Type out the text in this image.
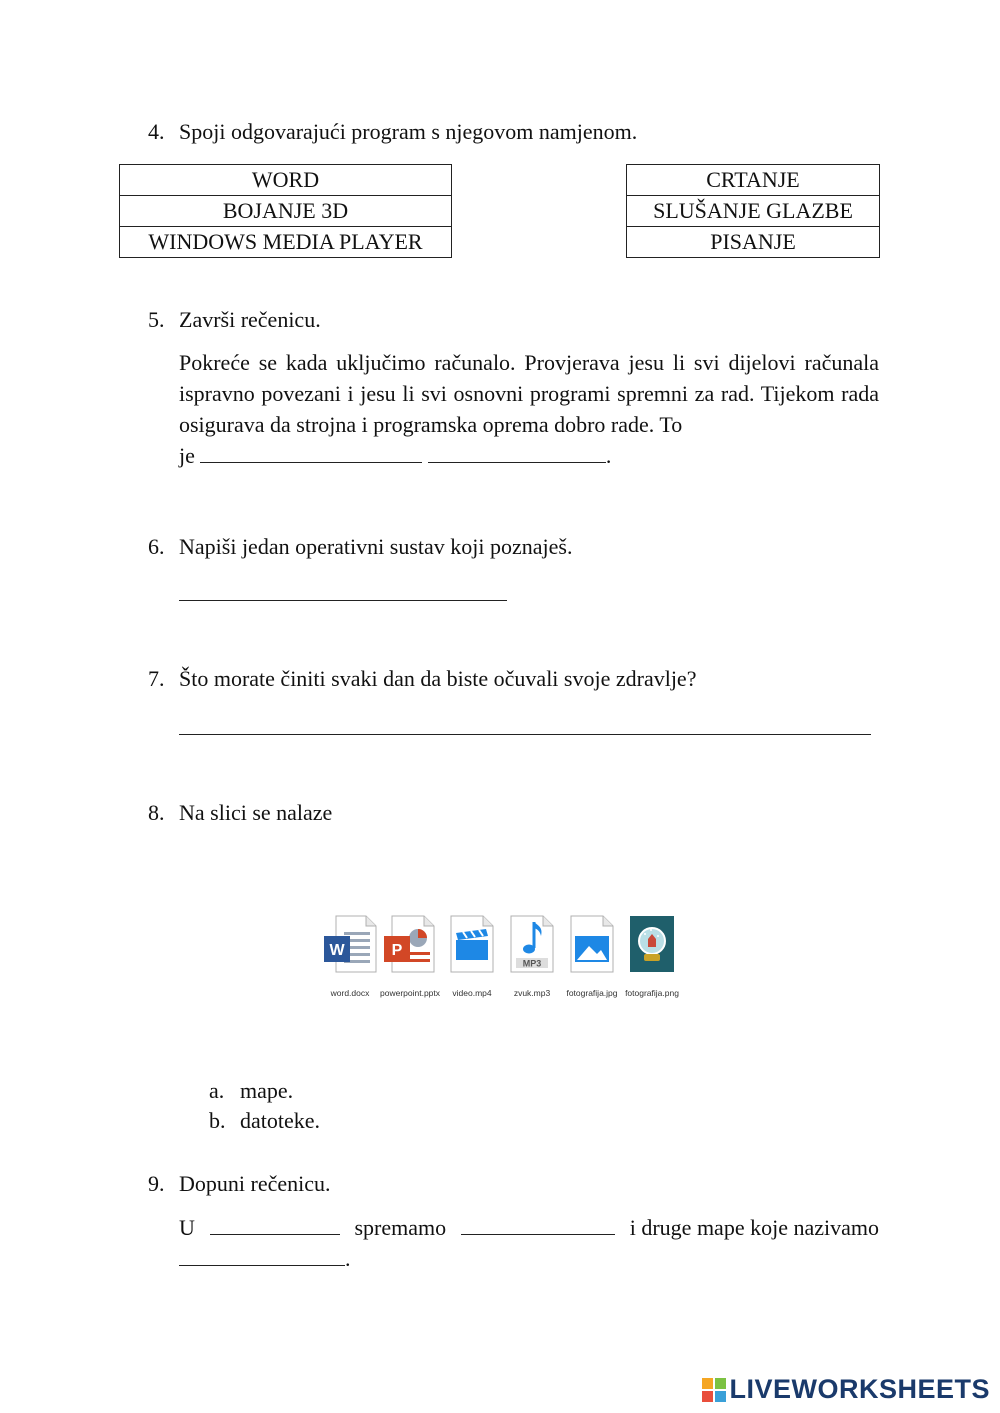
4. Spoji odgovarajući program s njegovom namjenom.
WORD
BOJANJE 3D
WINDOWS MEDIA PLAYER
CRTANJE
SLUŠANJE GLAZBE
PISANJE
5. Završi rečenicu.

Pokreće se kada uključimo računalo. Provjerava jesu li svi dijelovi računala ispravno povezani i jesu li svi osnovni programi spremni za rad. Tijekom rada osigurava da strojna i programska oprema dobro rade. To

je	.

6. Napiši jedan operativni sustav koji poznaješ.
7. Što morate činiti svaki dan da biste očuvali svoje zdravlje?
8. Na slici se nalaze
W
word.docx
P
powerpoint.pptx	video.mp4
MP3
zvuk.mp3	fotografija.jpg fotografija.png
a. mape.
b. datoteke.
9. Dopuni rečenicu.

U	spremamo	i druge mape koje nazivamo

.

LIVEWORKSHEETS
